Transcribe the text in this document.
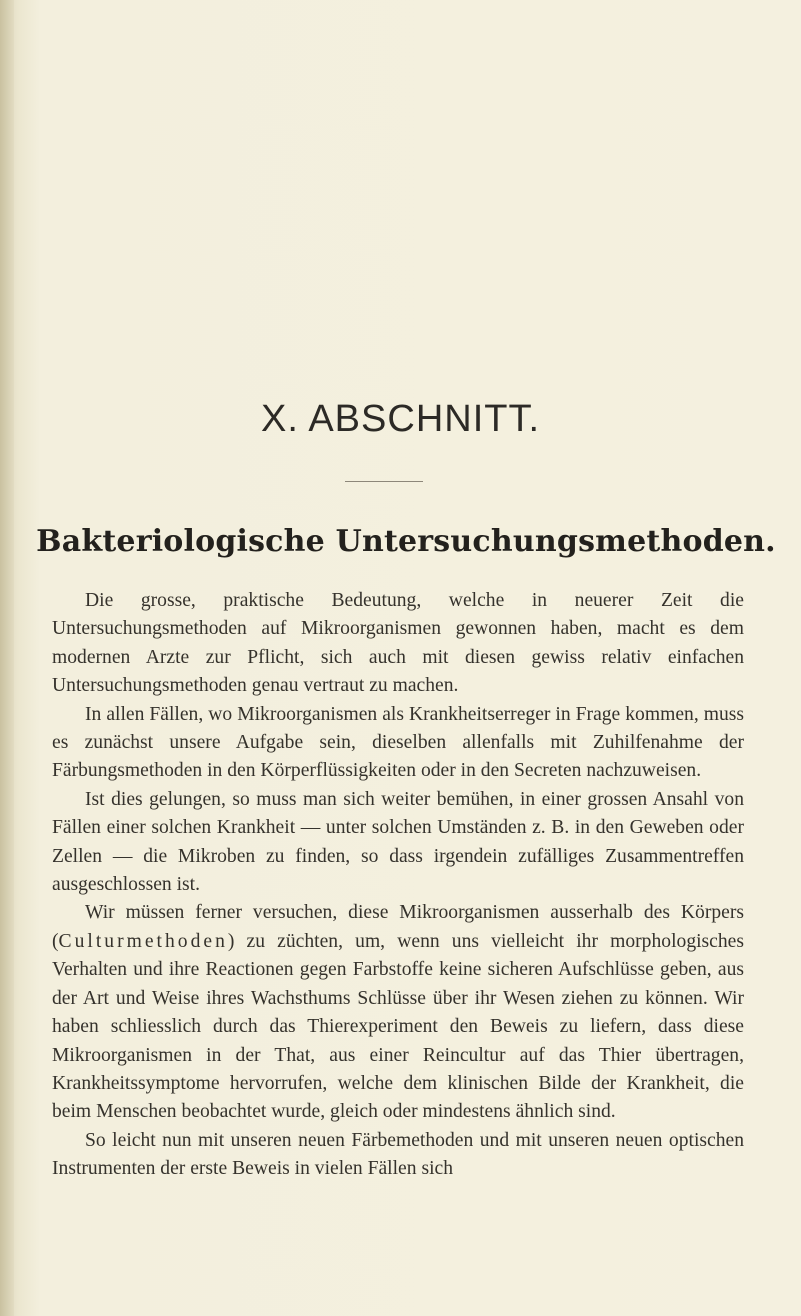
X. ABSCHNITT.
Bakteriologische Untersuchungsmethoden.

Die grosse, praktische Bedeutung, welche in neuerer Zeit die Untersuchungsmethoden auf Mikroorganismen gewonnen haben, macht es dem modernen Arzte zur Pflicht, sich auch mit diesen gewiss relativ einfachen Untersuchungsmethoden genau vertraut zu machen.

In allen Fällen, wo Mikroorganismen als Krankheitserreger in Frage kommen, muss es zunächst unsere Aufgabe sein, dieselben allenfalls mit Zuhilfenahme der Färbungsmethoden in den Körperflüssigkeiten oder in den Secreten nachzuweisen.

Ist dies gelungen, so muss man sich weiter bemühen, in einer grossen Ansahl von Fällen einer solchen Krankheit — unter solchen Umständen z. B. in den Geweben oder Zellen — die Mikroben zu finden, so dass irgendein zufälliges Zusammentreffen ausgeschlossen ist.

Wir müssen ferner versuchen, diese Mikroorganismen ausserhalb des Körpers (Culturmethoden) zu züchten, um, wenn uns vielleicht ihr morphologisches Verhalten und ihre Reactionen gegen Farbstoffe keine sicheren Aufschlüsse geben, aus der Art und Weise ihres Wachsthums Schlüsse über ihr Wesen ziehen zu können. Wir haben schliesslich durch das Thierexperiment den Beweis zu liefern, dass diese Mikroorganismen in der That, aus einer Reincultur auf das Thier übertragen, Krankheitssymptome hervorrufen, welche dem klinischen Bilde der Krankheit, die beim Menschen beobachtet wurde, gleich oder mindestens ähnlich sind.

So leicht nun mit unseren neuen Färbemethoden und mit unseren neuen optischen Instrumenten der erste Beweis in vielen Fällen sich
